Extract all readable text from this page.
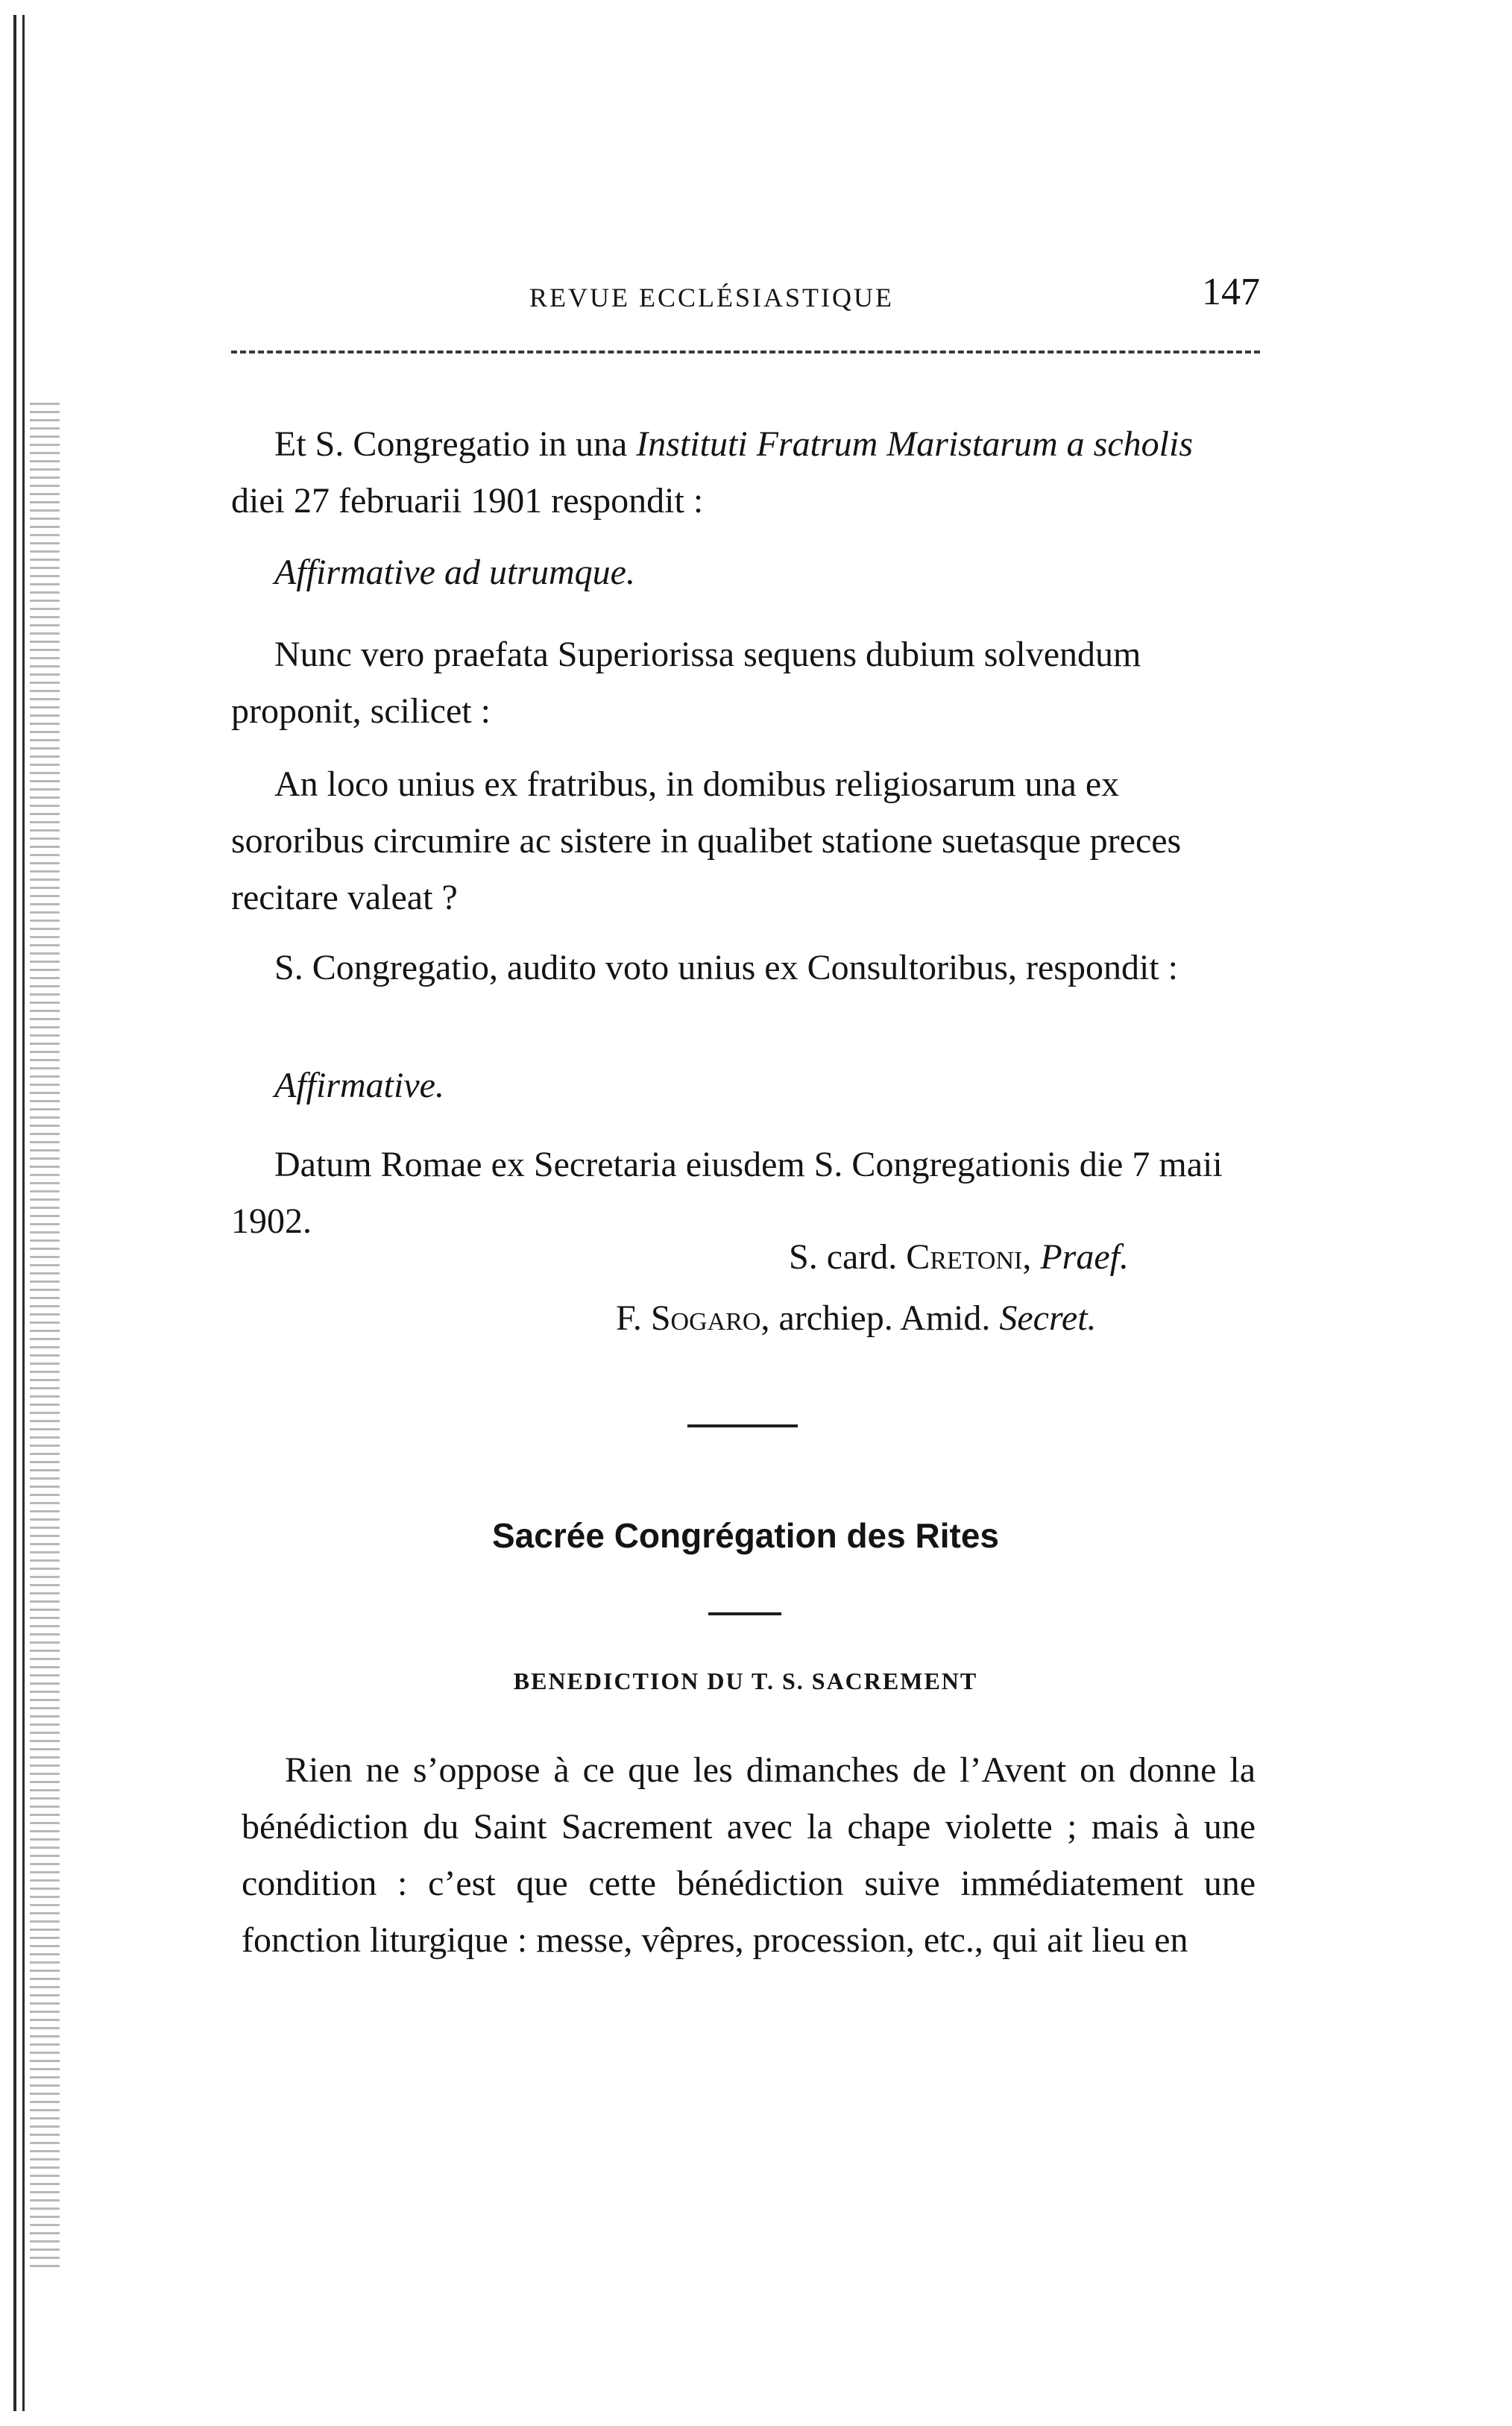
REVUE ECCLÉSIASTIQUE	147

Et S. Congregatio in una Instituti Fratrum Maristarum a scholis diei 27 februarii 1901 respondit :

Affirmative ad utrumque.

Nunc vero praefata Superiorissa sequens dubium solvendum proponit, scilicet :

An loco unius ex fratribus, in domibus religiosarum una ex sororibus circumire ac sistere in qualibet statione suetasque preces recitare valeat ?

S. Congregatio, audito voto unius ex Consultoribus, respondit :

Affirmative.

Datum Romae ex Secretaria eiusdem S. Congregationis die 7 maii 1902.

S. card. Cretoni, Praef.
F. Sogaro, archiep. Amid. Secret.
Sacrée Congrégation des Rites
BENEDICTION DU T. S. SACREMENT

Rien ne s’oppose à ce que les dimanches de l’Avent on donne la bénédiction du Saint Sacrement avec la chape violette ; mais à une condition : c’est que cette bénédiction suive immédiatement une fonction liturgique : messe, vêpres, procession, etc., qui ait lieu en
